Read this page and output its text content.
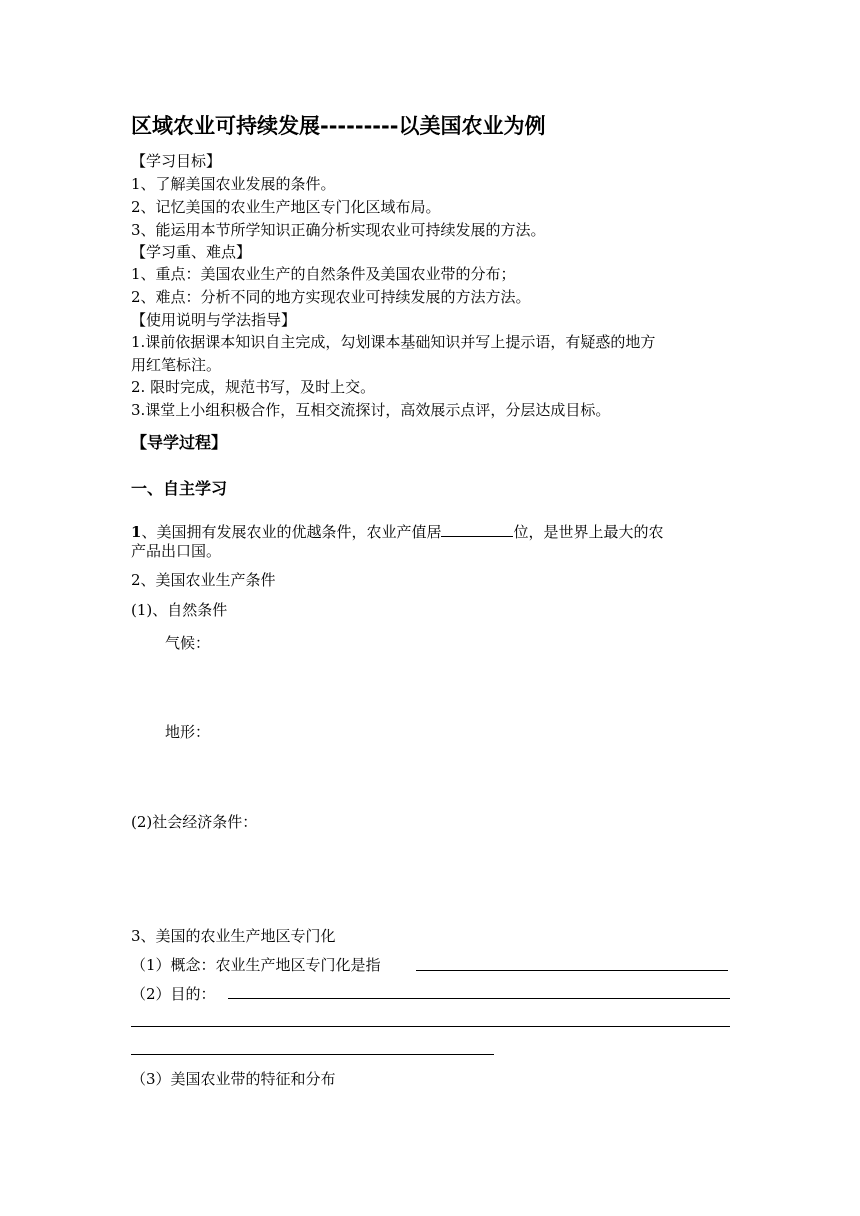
区域农业可持续发展---------以美国农业为例
【学习目标】
1、了解美国农业发展的条件。
2、记忆美国的农业生产地区专门化区域布局。
3、能运用本节所学知识正确分析实现农业可持续发展的方法。
【学习重、难点】
1、重点：美国农业生产的自然条件及美国农业带的分布；
2、难点：分析不同的地方实现农业可持续发展的方法方法。
【使用说明与学法指导】
1.课前依据课本知识自主完成，勾划课本基础知识并写上提示语，有疑惑的地方
用红笔标注。
2. 限时完成，规范书写，及时上交。
3.课堂上小组积极合作，互相交流探讨，高效展示点评，分层达成目标。
【导学过程】
一、自主学习
1、美国拥有发展农业的优越条件，农业产值居	位，是世界上最大的农
产品出口国。
2、美国农业生产条件
(1)、自然条件
气候：
地形：
(2)社会经济条件：
3、美国的农业生产地区专门化
（1）概念：农业生产地区专门化是指
（2）目的：
（3）美国农业带的特征和分布
